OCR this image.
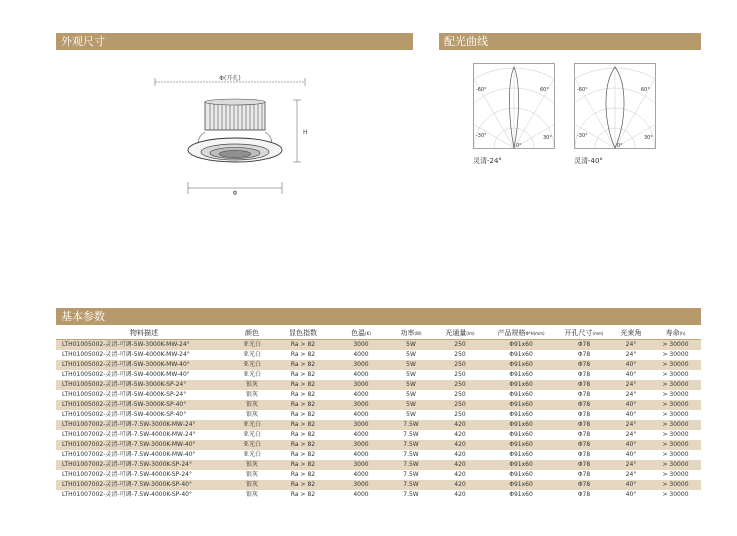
外观尺寸	配光曲线
Φ(开孔)
H
Φ
-60°	60°
-30°	30°
0°
灵清-24°
-60°	60°
-30°	30°
0°
灵清-40°
基本参数
物料描述	颜色	显色指数	色温(K)	功率(W)	光通量(lm)	产品规格Φ*H(mm)	开孔尺寸(mm)	光束角	寿命(h)
LTH01005002-灵清-可调-5W-3000K-MW-24°	亚光白	Ra > 82	3000	5W	250	Φ91x60	Φ78	24°	> 30000
LTH01005002-灵清-可调-5W-4000K-MW-24°	亚光白	Ra > 82	4000	5W	250	Φ91x60	Φ78	24°	> 30000
LTH01005002-灵清-可调-5W-3000K-MW-40°	亚光白	Ra > 82	3000	5W	250	Φ91x60	Φ78	40°	> 30000
LTH01005002-灵清-可调-5W-4000K-MW-40°	亚光白	Ra > 82	4000	5W	250	Φ91x60	Φ78	40°	> 30000
LTH01005002-灵清-可调-5W-3000K-SP-24°	银灰	Ra > 82	3000	5W	250	Φ91x60	Φ78	24°	> 30000
LTH01005002-灵清-可调-5W-4000K-SP-24°	银灰	Ra > 82	4000	5W	250	Φ91x60	Φ78	24°	> 30000
LTH01005002-灵清-可调-5W-3000K-SP-40°	银灰	Ra > 82	3000	5W	250	Φ91x60	Φ78	40°	> 30000
LTH01005002-灵清-可调-5W-4000K-SP-40°	银灰	Ra > 82	4000	5W	250	Φ91x60	Φ78	40°	> 30000
LTH01007002-灵清-可调-7.5W-3000K-MW-24°	亚光白	Ra > 82	3000	7.5W	420	Φ91x60	Φ78	24°	> 30000
LTH01007002-灵清-可调-7.5W-4000K-MW-24°	亚光白	Ra > 82	4000	7.5W	420	Φ91x60	Φ78	24°	> 30000
LTH01007002-灵清-可调-7.5W-3000K-MW-40°	亚光白	Ra > 82	3000	7.5W	420	Φ91x60	Φ78	40°	> 30000
LTH01007002-灵清-可调-7.5W-4000K-MW-40°	亚光白	Ra > 82	4000	7.5W	420	Φ91x60	Φ78	40°	> 30000
LTH01007002-灵清-可调-7.5W-3000K-SP-24°	银灰	Ra > 82	3000	7.5W	420	Φ91x60	Φ78	24°	> 30000
LTH01007002-灵清-可调-7.5W-4000K-SP-24°	银灰	Ra > 82	4000	7.5W	420	Φ91x60	Φ78	24°	> 30000
LTH01007002-灵清-可调-7.5W-3000K-SP-40°	银灰	Ra > 82	3000	7.5W	420	Φ91x60	Φ78	40°	> 30000
LTH01007002-灵清-可调-7.5W-4000K-SP-40°	银灰	Ra > 82	4000	7.5W	420	Φ91x60	Φ78	40°	> 30000
